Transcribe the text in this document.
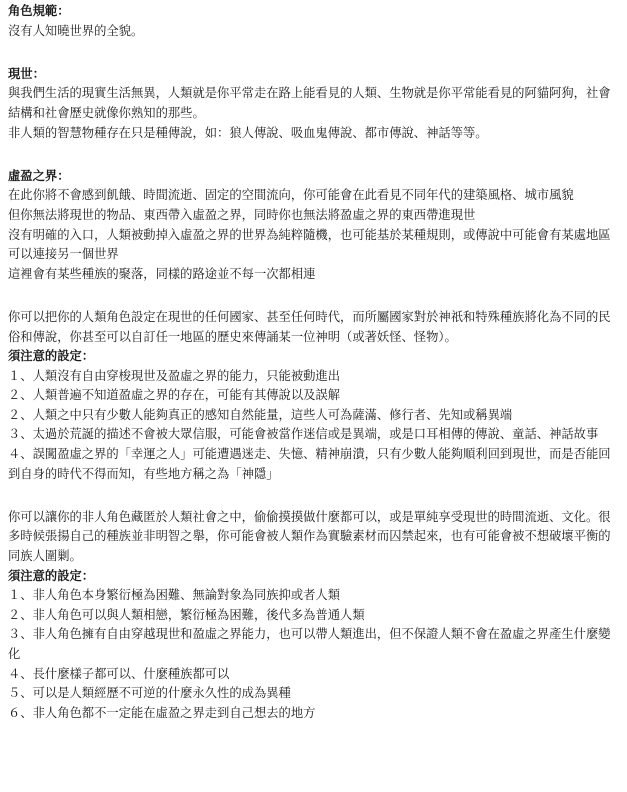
角色規範：

沒有人知曉世界的全貌。

現世：

與我們生活的現實生活無異，人類就是你平常走在路上能看見的人類、生物就是你平常能看見的阿貓阿狗，社會結構和社會歷史就像你熟知的那些。

非人類的智慧物種存在只是種傳說，如：狼人傳說、吸血鬼傳說、都市傳說、神話等等。

虛盈之界：

在此你將不會感到飢餓、時間流逝、固定的空間流向，你可能會在此看見不同年代的建築風格、城市風貌

但你無法將現世的物品、東西帶入虛盈之界，同時你也無法將盈虛之界的東西帶進現世

沒有明確的入口，人類被動掉入虛盈之界的世界為純粹隨機，也可能基於某種規則，或傳說中可能會有某處地區可以連接另一個世界

這裡會有某些種族的聚落，同樣的路途並不每一次都相連

你可以把你的人類角色設定在現世的任何國家、甚至任何時代，而所屬國家對於神祇和特殊種族將化為不同的民俗和傳說，你甚至可以自訂任一地區的歷史來傳誦某一位神明（或著妖怪、怪物）。

須注意的設定：

１、人類沒有自由穿梭現世及盈虛之界的能力，只能被動進出

２、人類普遍不知道盈虛之界的存在，可能有其傳說以及誤解

２、人類之中只有少數人能夠真正的感知自然能量，這些人可為薩滿、修行者、先知或稱異端

３、太過於荒誕的描述不會被大眾信服，可能會被當作迷信或是異端，或是口耳相傳的傳說、童話、神話故事

４、誤闖盈虛之界的「幸運之人」可能遭遇迷走、失憶、精神崩潰，只有少數人能夠順利回到現世，而是否能回到自身的時代不得而知，有些地方稱之為「神隱」

你可以讓你的非人角色藏匿於人類社會之中，偷偷摸摸做什麼都可以，或是單純享受現世的時間流逝、文化。很多時候張揚自己的種族並非明智之舉，你可能會被人類作為實驗素材而囚禁起來，也有可能會被不想破壞平衡的同族人圍剿。

須注意的設定：

１、非人角色本身繁衍極為困難、無論對象為同族抑或者人類

２、非人角色可以與人類相戀，繁衍極為困難，後代多為普通人類

３、非人角色擁有自由穿越現世和盈虛之界能力，也可以帶人類進出，但不保證人類不會在盈虛之界產生什麼變化

４、長什麼樣子都可以、什麼種族都可以

５、可以是人類經歷不可逆的什麼永久性的成為異種

６、非人角色都不一定能在虛盈之界走到自己想去的地方
